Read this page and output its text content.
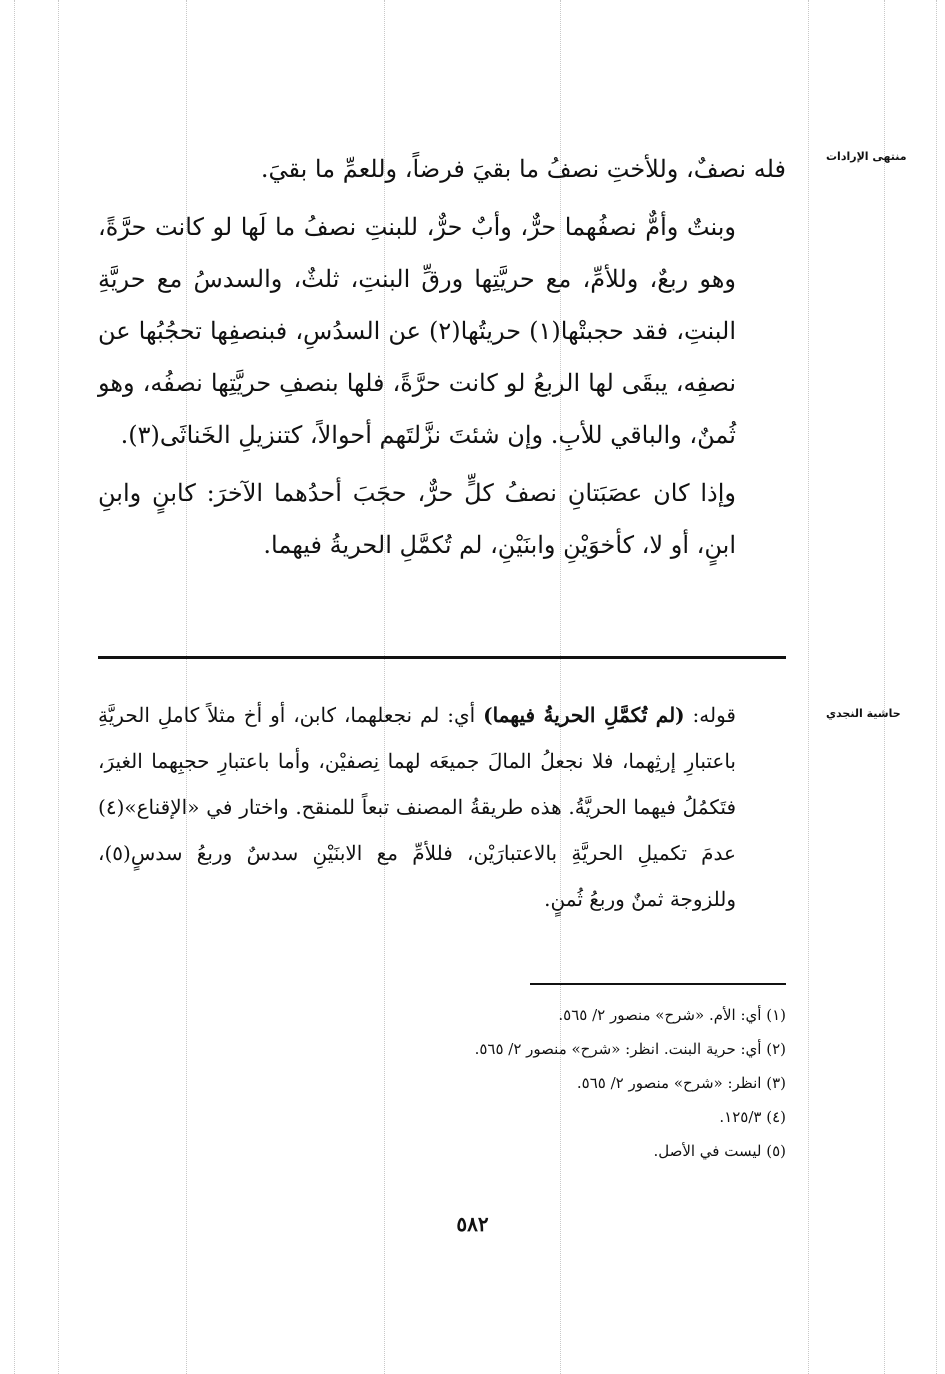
منتهى الإرادات
حاشية النجدي

فله نصفٌ، وللأختِ نصفُ ما بقيَ فرضاً، وللعمِّ ما بقيَ.

وبنتٌ وأمٌّ نصفُهما حرٌّ، وأبٌ حرٌّ، للبنتِ نصفُ ما لَها لو كانت حرَّةً، وهو ربعٌ، وللأمِّ، مع حريَّتِها ورقِّ البنتِ، ثلثٌ، والسدسُ مع حريَّةِ البنتِ، فقد حجبتْها(١) حريتُها(٢) عن السدُسِ، فبنصفِها تحجُبُها عن نصفِه، يبقَى لها الربعُ لو كانت حرَّةً، فلها بنصفِ حريَّتِها نصفُه، وهو ثُمنٌ، والباقي للأبِ. وإن شئتَ نزَّلتَهم أحوالاً، كتنزيلِ الخَناثَى(٣).

وإذا كان عصَبَتانِ نصفُ كلٍّ حرٌّ، حجَبَ أحدُهما الآخرَ: كابنٍ وابنِ ابنٍ، أو لا، كأخوَيْنِ وابنَيْنِ، لم تُكمَّلِ الحريةُ فيهما.

قوله: (لم تُكمَّلِ الحريةُ فيهما) أي: لم نجعلهما، كابن، أو أخ مثلاً كاملِ الحريَّةِ باعتبارِ إرثِهما، فلا نجعلُ المالَ جميعَه لهما نِصفيْن، وأما باعتبارِ حجبِهما الغيرَ، فتَكمُلُ فيهما الحريَّةُ. هذه طريقةُ المصنف تبعاً للمنقح. واختار في «الإقناع»(٤) عدمَ تكميلِ الحريَّةِ بالاعتبارَيْن، فللأمِّ مع الابنَيْنِ سدسٌ وربعُ سدسٍ(٥)، وللزوجة ثمنٌ وربعُ ثُمنٍ.

(١) أي: الأم. «شرح» منصور ٢/ ٥٦٥.
(٢) أي: حرية البنت. انظر: «شرح» منصور ٢/ ٥٦٥.
(٣) انظر: «شرح» منصور ٢/ ٥٦٥.
(٤) ١٢٥/٣.
(٥) ليست في الأصل.
٥٨٢
